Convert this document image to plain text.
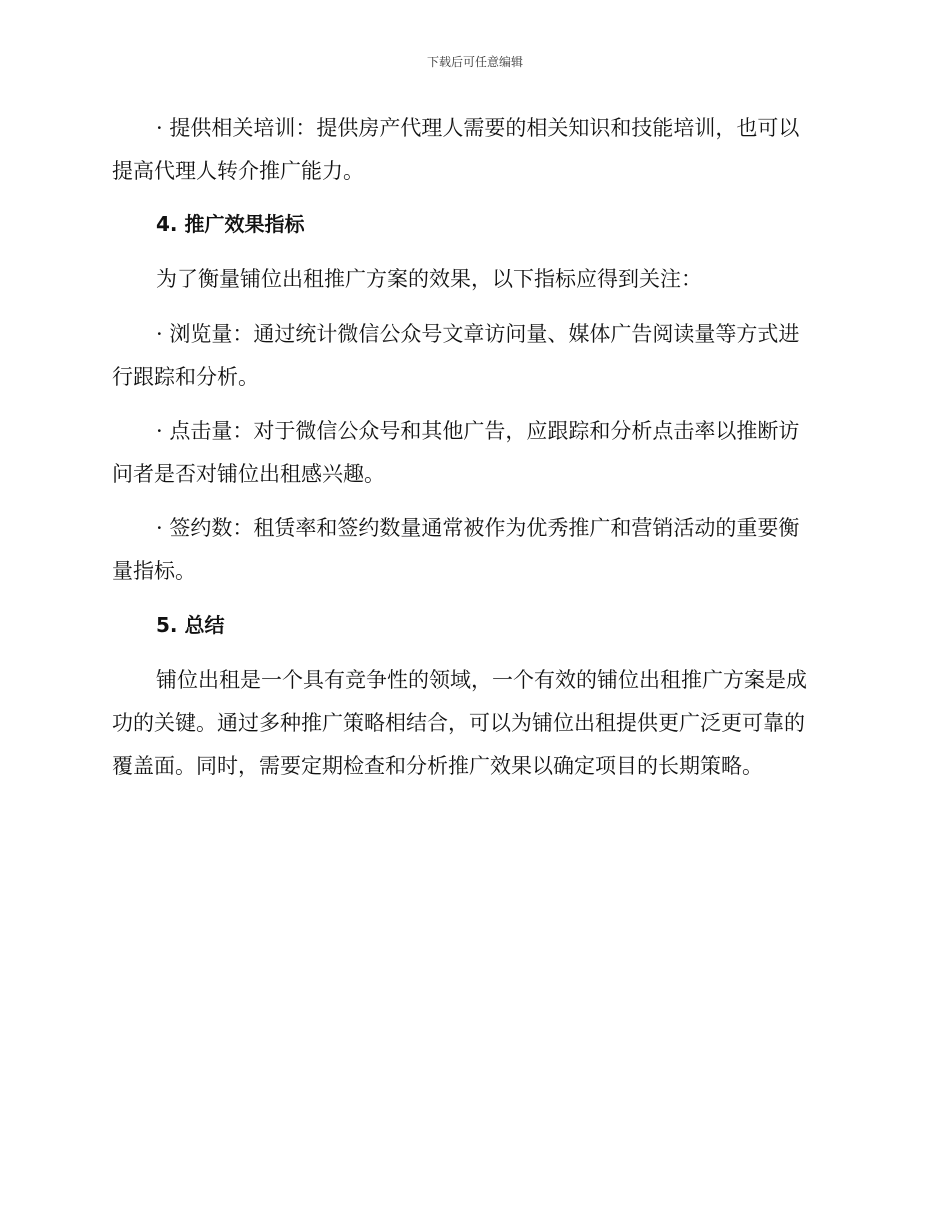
下载后可任意编辑
· 提供相关培训：提供房产代理人需要的相关知识和技能培训，也可以
提高代理人转介推广能力。
4. 推广效果指标
为了衡量铺位出租推广方案的效果，以下指标应得到关注：
· 浏览量：通过统计微信公众号文章访问量、媒体广告阅读量等方式进
行跟踪和分析。
· 点击量：对于微信公众号和其他广告，应跟踪和分析点击率以推断访
问者是否对铺位出租感兴趣。
· 签约数：租赁率和签约数量通常被作为优秀推广和营销活动的重要衡
量指标。
5. 总结
铺位出租是一个具有竞争性的领域，一个有效的铺位出租推广方案是成
功的关键。通过多种推广策略相结合，可以为铺位出租提供更广泛更可靠的
覆盖面。同时，需要定期检查和分析推广效果以确定项目的长期策略。
